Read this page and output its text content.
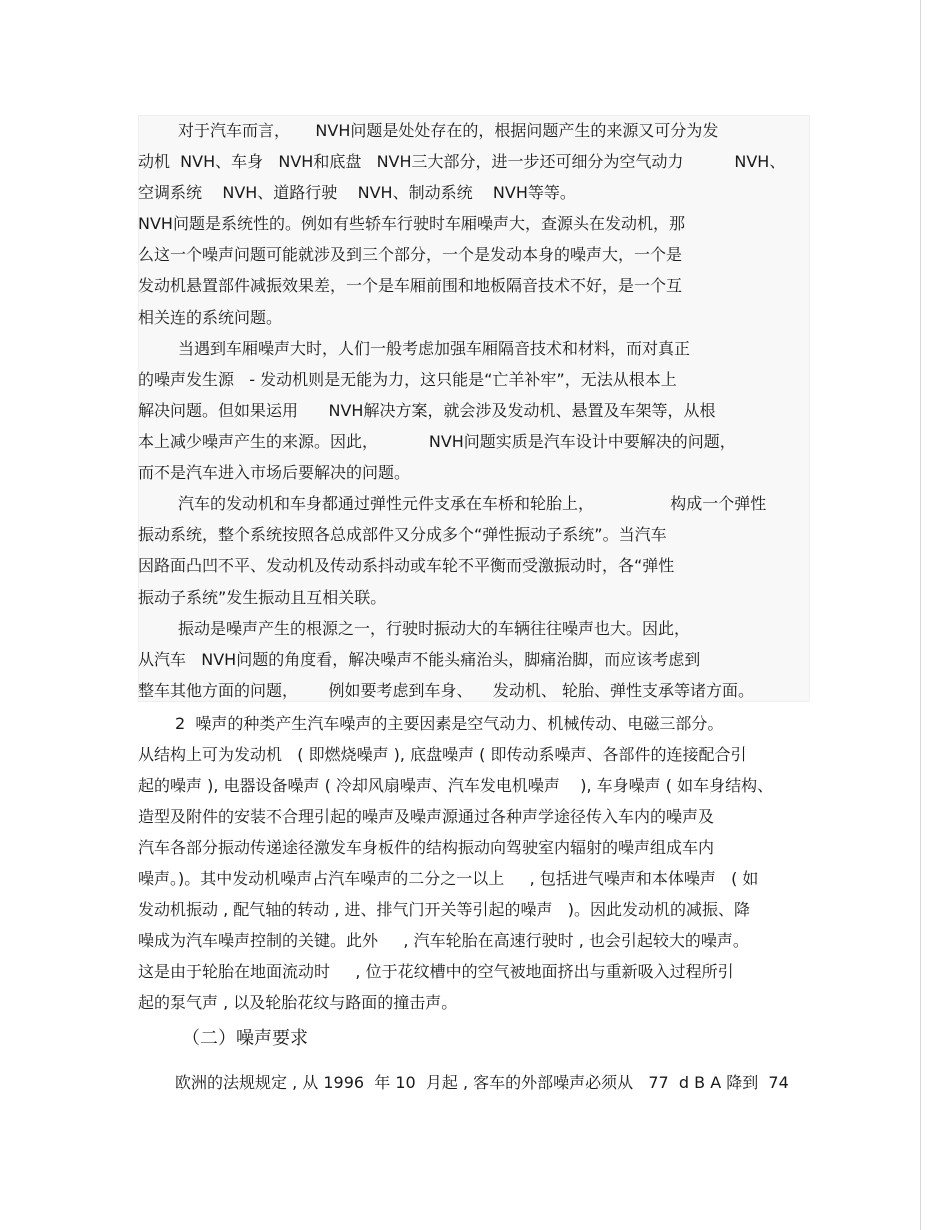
对于汽车而言，     NVH问题是处处存在的，根据问题产生的来源又可分为发
动机  NVH、车身   NVH和底盘   NVH三大部分，进一步还可细分为空气动力          NVH、
空调系统    NVH、道路行驶    NVH、制动系统    NVH等等。
NVH问题是系统性的。例如有些轿车行驶时车厢噪声大，查源头在发动机，那
么这一个噪声问题可能就涉及到三个部分，一个是发动本身的噪声大，一个是
发动机悬置部件减振效果差，一个是车厢前围和地板隔音技术不好，是一个互
相关连的系统问题。
当遇到车厢噪声大时，人们一般考虑加强车厢隔音技术和材料，而对真正
的噪声发生源   - 发动机则是无能为力，这只能是“亡羊补牢”，无法从根本上
解决问题。但如果运用      NVH解决方案，就会涉及发动机、悬置及车架等，从根
本上减少噪声产生的来源。因此，          NVH问题实质是汽车设计中要解决的问题，
而不是汽车进入市场后要解决的问题。
汽车的发动机和车身都通过弹性元件支承在车桥和轮胎上，               构成一个弹性
振动系统，整个系统按照各总成部件又分成多个“弹性振动子系统”。当汽车
因路面凸凹不平、发动机及传动系抖动或车轮不平衡而受激振动时，各“弹性
振动子系统”发生振动且互相关联。
振动是噪声产生的根源之一，行驶时振动大的车辆往往噪声也大。因此，
从汽车   NVH问题的角度看，解决噪声不能头痛治头，脚痛治脚，而应该考虑到
整车其他方面的问题，      例如要考虑到车身、    发动机、 轮胎、弹性支承等诸方面。
2  噪声的种类产生汽车噪声的主要因素是空气动力、机械传动、电磁三部分。
从结构上可为发动机   ( 即燃烧噪声 ), 底盘噪声 ( 即传动系噪声、各部件的连接配合引
起的噪声 ), 电器设备噪声 ( 冷却风扇噪声、汽车发电机噪声    ), 车身噪声 ( 如车身结构、
造型及附件的安装不合理引起的噪声及噪声源通过各种声学途径传入车内的噪声及
汽车各部分振动传递途径激发车身板件的结构振动向驾驶室内辐射的噪声组成车内
噪声。)。其中发动机噪声占汽车噪声的二分之一以上     , 包括进气噪声和本体噪声   ( 如
发动机振动 , 配气轴的转动 , 进、排气门开关等引起的噪声   )。因此发动机的减振、降
噪成为汽车噪声控制的关键。此外     , 汽车轮胎在高速行驶时 , 也会引起较大的噪声。
这是由于轮胎在地面流动时     , 位于花纹槽中的空气被地面挤出与重新吸入过程所引
起的泵气声 , 以及轮胎花纹与路面的撞击声。
（二）噪声要求
欧洲的法规规定 , 从 1996  年 10  月起 , 客车的外部噪声必须从   77  d B A 降到  74
